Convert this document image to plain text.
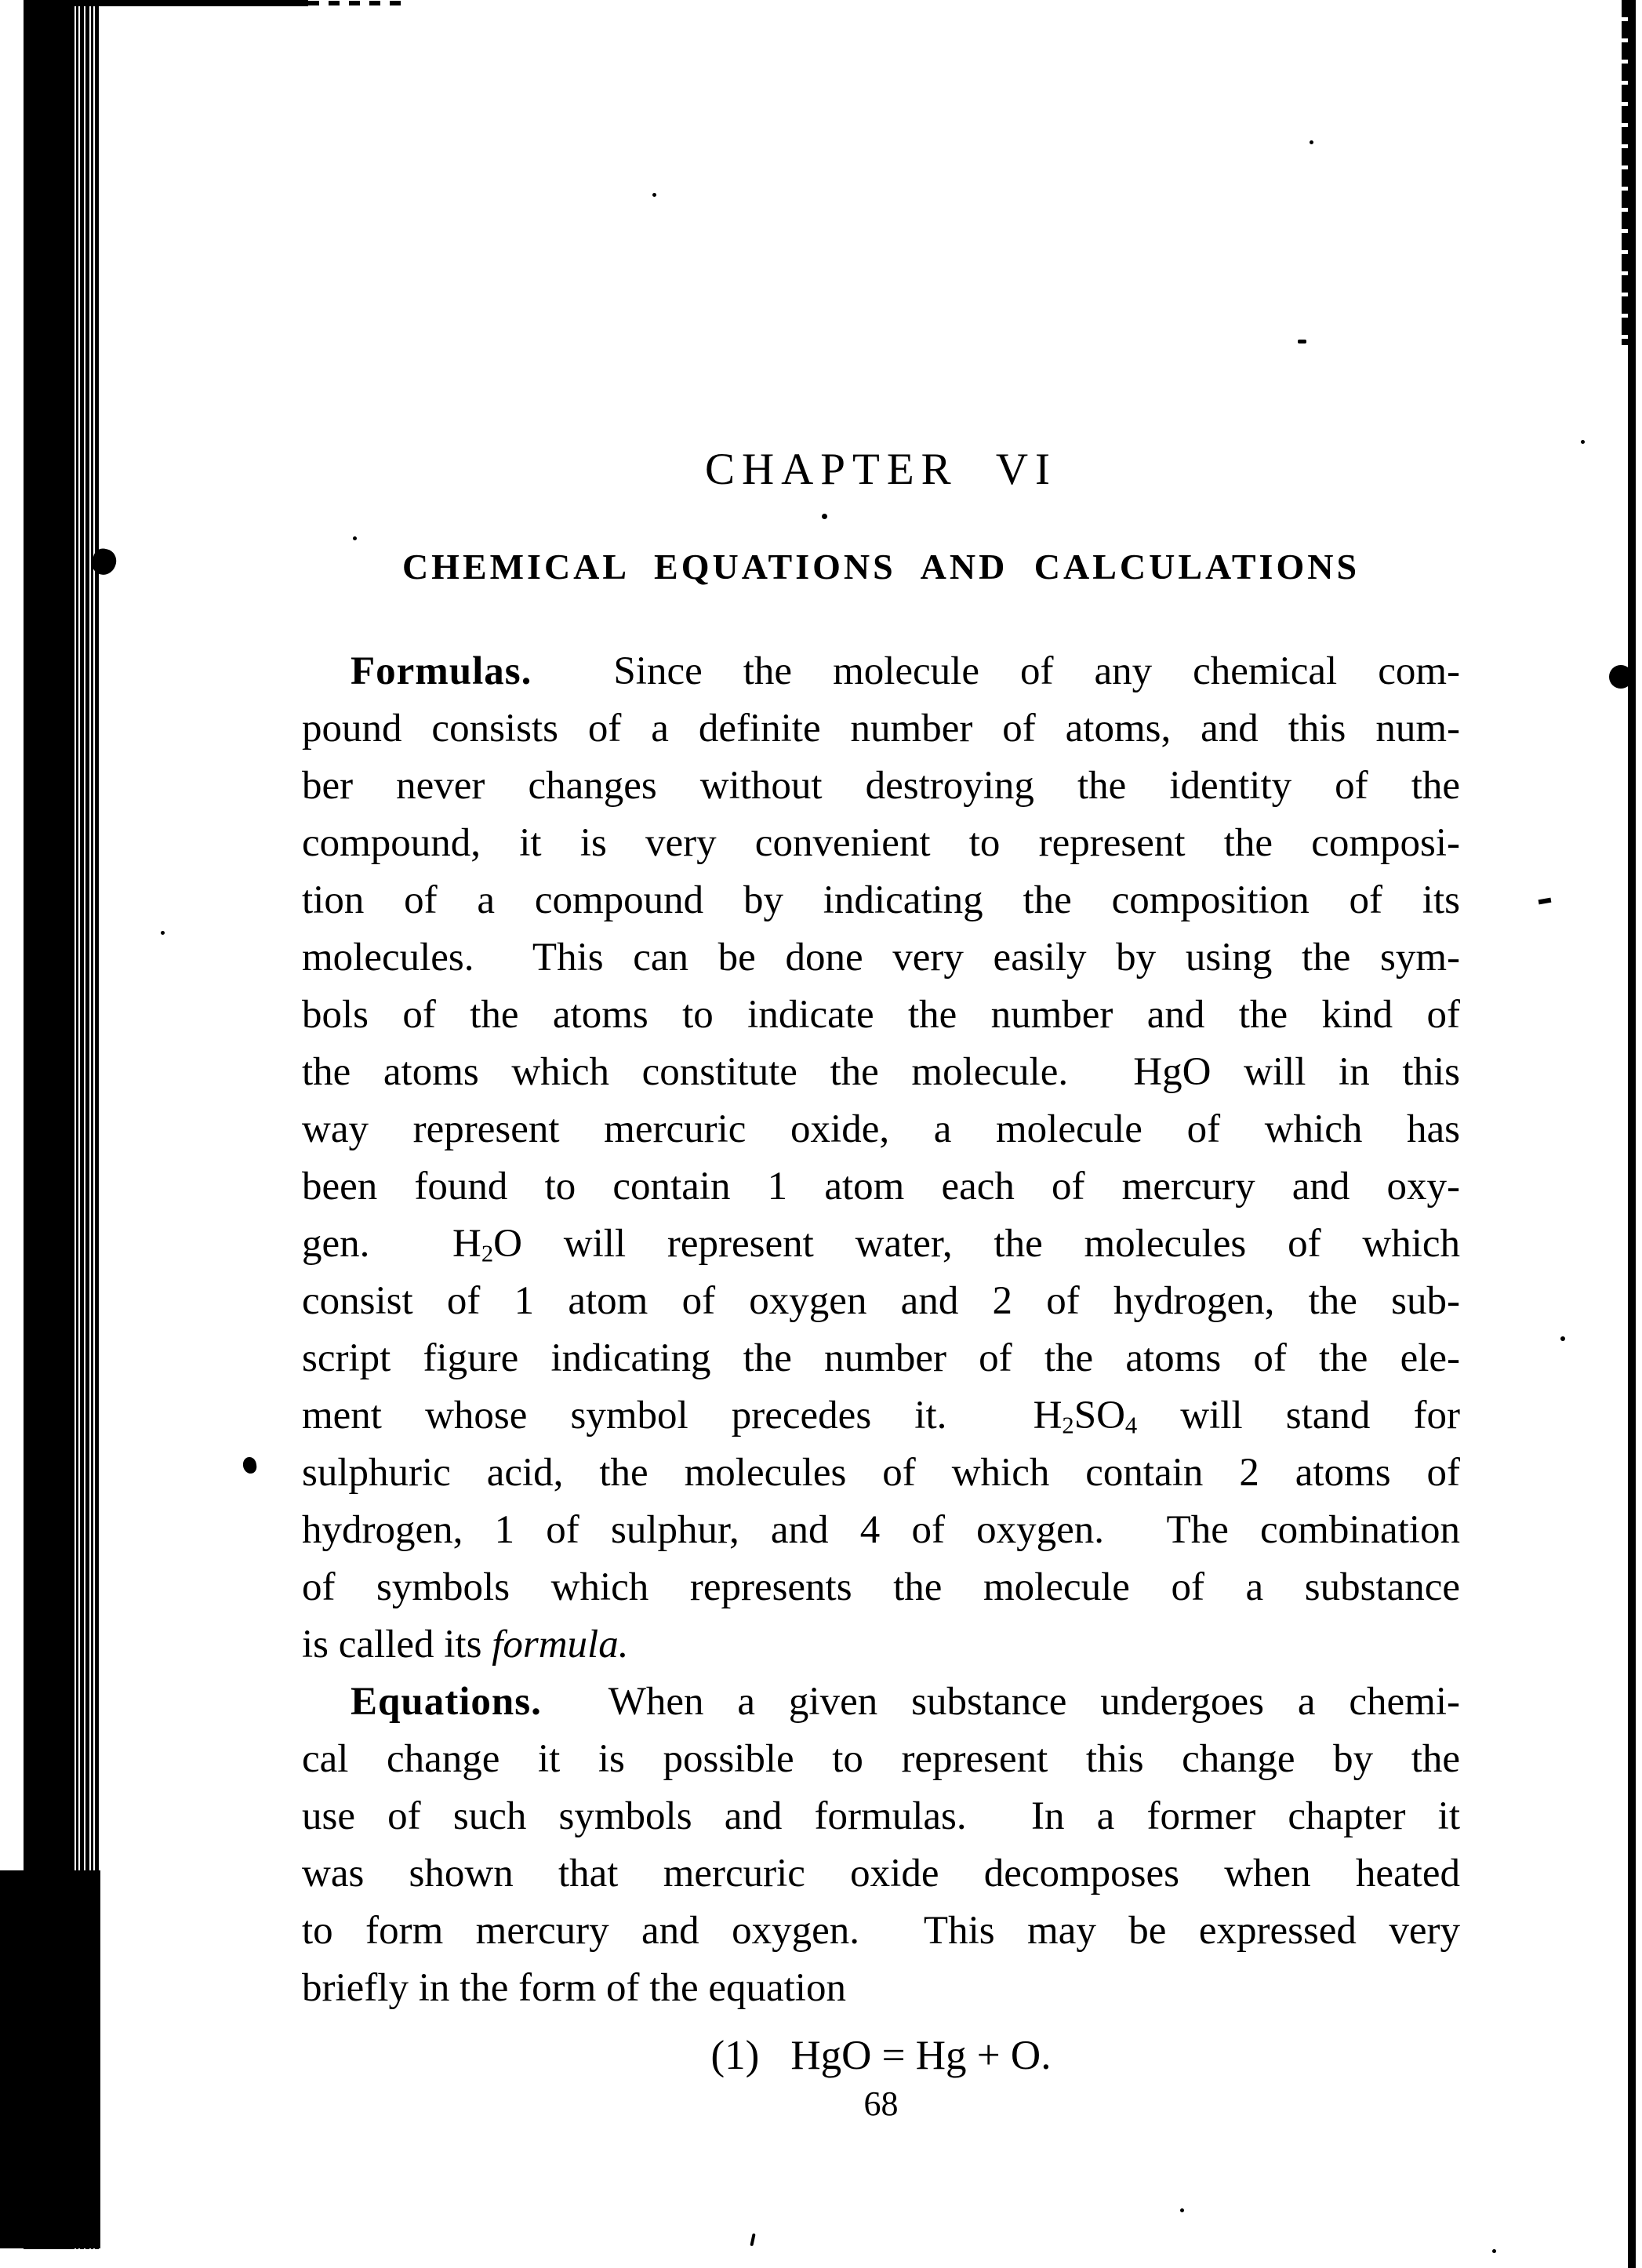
CHAPTER VI
CHEMICAL EQUATIONS AND CALCULATIONS
Formulas.  Since the molecule of any chemical com-
pound consists of a definite number of atoms, and this num-
ber never changes without destroying the identity of the
compound, it is very convenient to represent the composi-
tion of a compound by indicating the composition of its
molecules.  This can be done very easily by using the sym-
bols of the atoms to indicate the number and the kind of
the atoms which constitute the molecule.  HgO will in this
way represent mercuric oxide, a molecule of which has
been found to contain 1 atom each of mercury and oxy-
gen.  H2O will represent water, the molecules of which
consist of 1 atom of oxygen and 2 of hydrogen, the sub-
script figure indicating the number of the atoms of the ele-
ment whose symbol precedes it.  H2SO4 will stand for
sulphuric acid, the molecules of which contain 2 atoms of
hydrogen, 1 of sulphur, and 4 of oxygen.  The combination
of symbols which represents the molecule of a substance
is called its formula.
Equations.  When a given substance undergoes a chemi-
cal change it is possible to represent this change by the
use of such symbols and formulas.  In a former chapter it
was shown that mercuric oxide decomposes when heated
to form mercury and oxygen.  This may be expressed very
briefly in the form of the equation
(1) HgO = Hg + O.
68
